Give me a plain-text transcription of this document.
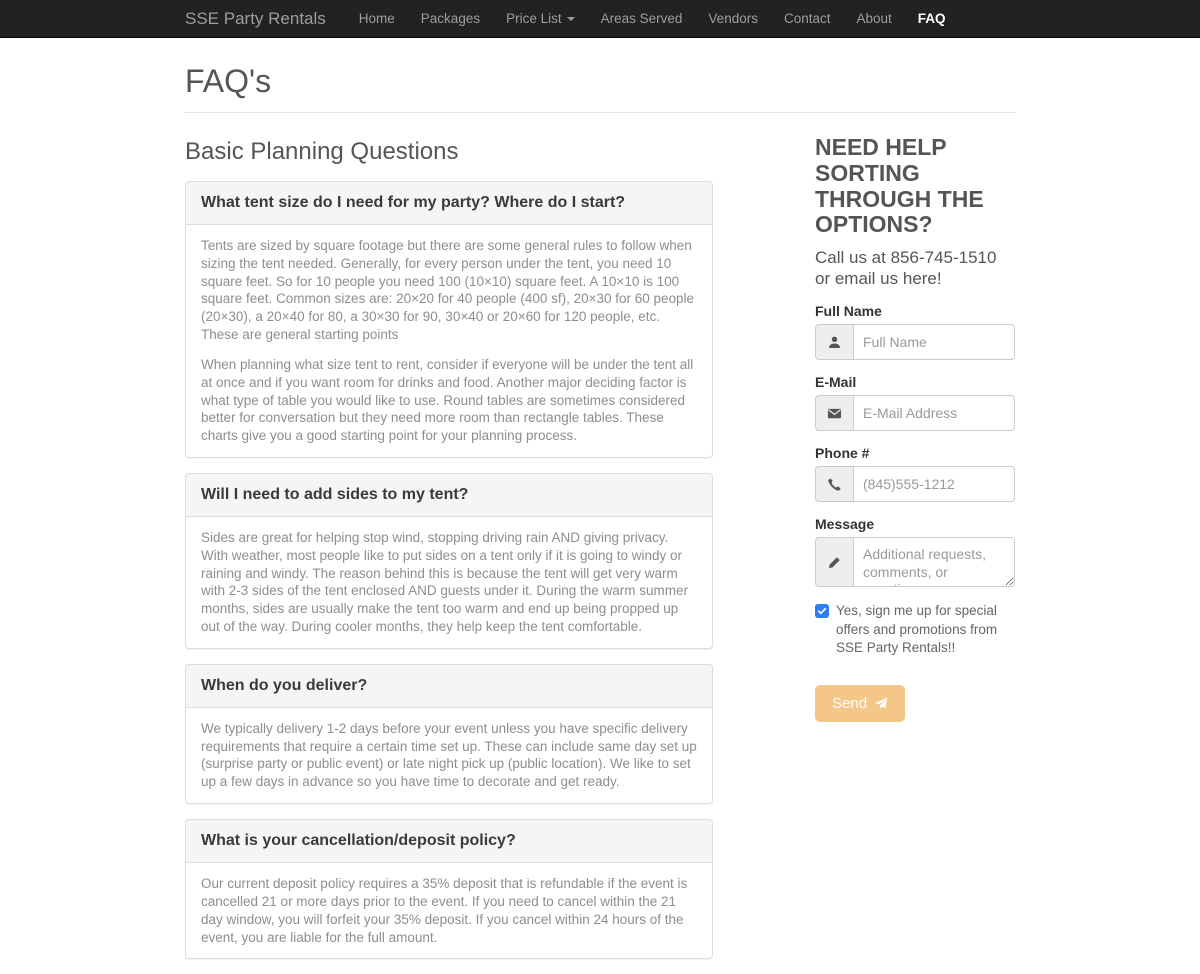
SSE Party Rentals	Home	Packages	Price List	Areas Served	Vendors	Contact	About	FAQ
FAQ's
Basic Planning Questions
What tent size do I need for my party? Where do I start?

Tents are sized by square footage but there are some general rules to follow when sizing the tent needed. Generally, for every person under the tent, you need 10 square feet. So for 10 people you need 100 (10×10) square feet. A 10×10 is 100 square feet. Common sizes are: 20×20 for 40 people (400 sf), 20×30 for 60 people (20×30), a 20×40 for 80, a 30×30 for 90, 30×40 or 20×60 for 120 people, etc. These are general starting points

When planning what size tent to rent, consider if everyone will be under the tent all at once and if you want room for drinks and food. Another major deciding factor is what type of table you would like to use. Round tables are sometimes considered better for conversation but they need more room than rectangle tables. These charts give you a good starting point for your planning process.

Will I need to add sides to my tent?

Sides are great for helping stop wind, stopping driving rain AND giving privacy. With weather, most people like to put sides on a tent only if it is going to windy or raining and windy. The reason behind this is because the tent will get very warm with 2-3 sides of the tent enclosed AND guests under it. During the warm summer months, sides are usually make the tent too warm and end up being propped up out of the way. During cooler months, they help keep the tent comfortable.

When do you deliver?

We typically delivery 1-2 days before your event unless you have specific delivery requirements that require a certain time set up. These can include same day set up (surprise party or public event) or late night pick up (public location). We like to set up a few days in advance so you have time to decorate and get ready.

What is your cancellation/deposit policy?

Our current deposit policy requires a 35% deposit that is refundable if the event is cancelled 21 or more days prior to the event. If you need to cancel within the 21 day window, you will forfeit your 35% deposit. If you cancel within 24 hours of the event, you are liable for the full amount.

NEED HELP SORTING THROUGH THE OPTIONS?
Call us at 856-745-1510 or email us here!
Full Name
Full Name
E-Mail
E-Mail Address
Phone #
(845)555-1212
Message
Additional requests, comments, or questions
Yes, sign me up for special offers and promotions from SSE Party Rentals!!
Send
